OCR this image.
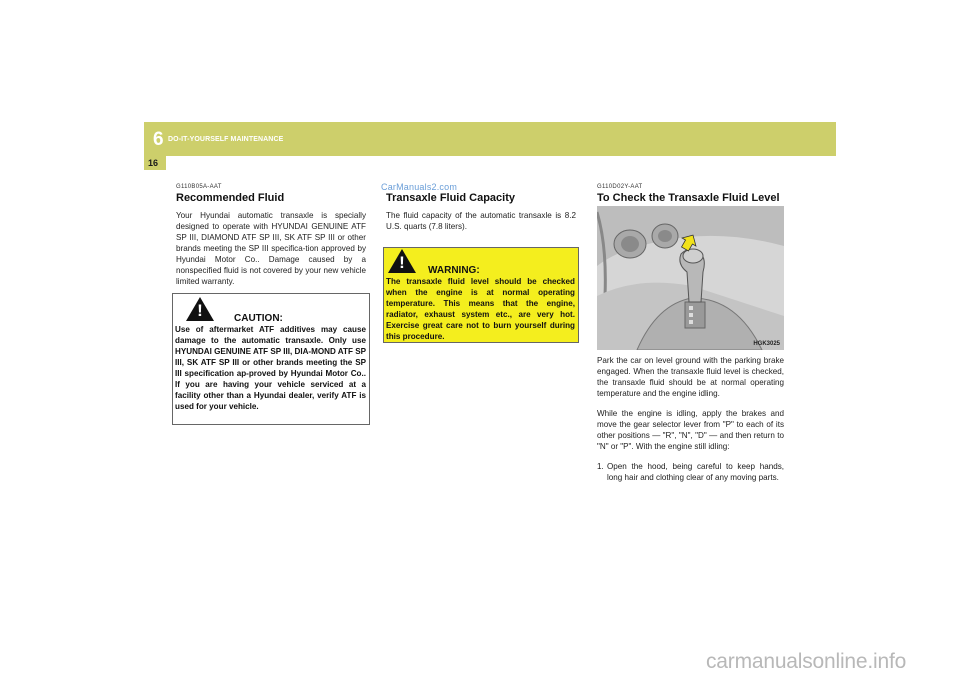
6 DO-IT-YOURSELF MAINTENANCE
16

G110B05A-AAT

Recommended Fluid

Your Hyundai automatic transaxle is specially designed to operate with HYUNDAI GENUINE ATF SP III, DIAMOND ATF SP III, SK ATF SP III or other brands meeting the SP III specifica-tion approved by Hyundai Motor Co.. Damage caused by a nonspecified fluid is not covered by your new vehicle limited warranty.

!	CAUTION:

Use of aftermarket ATF additives may cause damage to the automatic transaxle. Only use HYUNDAI GENUINE ATF SP III, DIA-MOND ATF SP III, SK ATF SP III or other brands meeting the SP III specification ap-proved by Hyundai Motor Co.. If you are having your vehicle serviced at a facility other than a Hyundai dealer, verify ATF is used for your vehicle.

CarManuals2.com

Transaxle Fluid Capacity

The fluid capacity of the automatic transaxle is 8.2 U.S. quarts (7.8 liters).

!	WARNING:

The transaxle fluid level should be checked when the engine is at normal operating temperature. This means that the engine, radiator, exhaust system etc., are very hot. Exercise great care not to burn yourself during this procedure.

G110D02Y-AAT

To Check the Transaxle Fluid Level

HGK3025

Park the car on level ground with the parking brake engaged. When the transaxle fluid level is checked, the transaxle fluid should be at normal operating temperature and the engine idling.

While the engine is idling, apply the brakes and move the gear selector lever from "P" to each of its other positions — "R", "N", "D" — and then return to "N" or "P". With the engine still idling:

1. Open the hood, being careful to keep hands, long hair and clothing clear of any moving parts.
carmanualsonline.info
